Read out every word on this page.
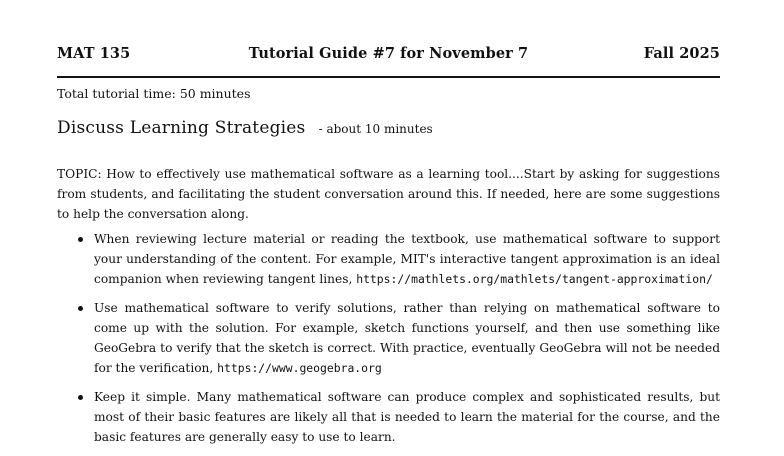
MAT 135	Tutorial Guide #7 for November 7	Fall 2025
Total tutorial time: 50 minutes
Discuss Learning Strategies - about 10 minutes
TOPIC: How to effectively use mathematical software as a learning tool....Start by asking for suggestions from students, and facilitating the student conversation around this. If needed, here are some suggestions to help the conversation along.
When reviewing lecture material or reading the textbook, use mathematical software to support your understanding of the content. For example, MIT's interactive tangent approximation is an ideal companion when reviewing tangent lines, https://mathlets.org/mathlets/tangent-approximation/
Use mathematical software to verify solutions, rather than relying on mathematical software to come up with the solution. For example, sketch functions yourself, and then use something like GeoGebra to verify that the sketch is correct. With practice, eventually GeoGebra will not be needed for the verification, https://www.geogebra.org
Keep it simple. Many mathematical software can produce complex and sophisticated results, but most of their basic features are likely all that is needed to learn the material for the course, and the basic features are generally easy to use to learn.
